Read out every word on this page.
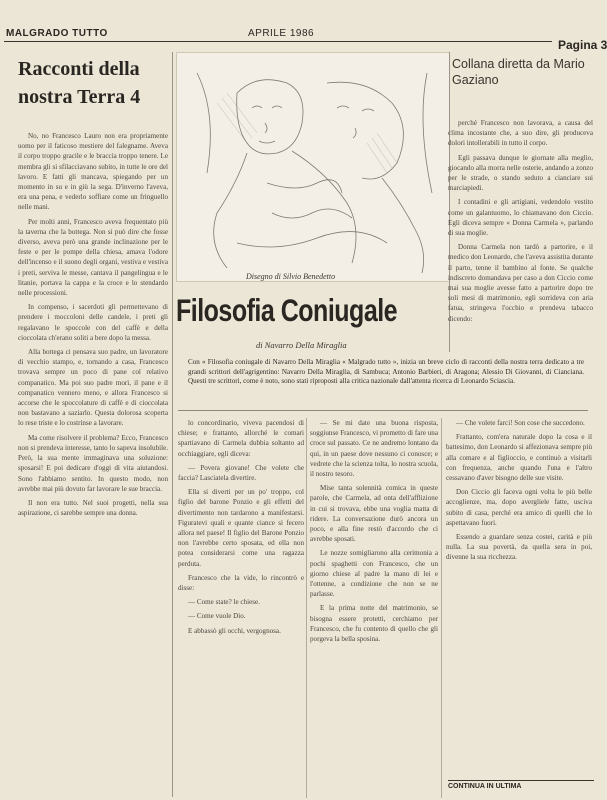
MALGRADO TUTTO	APRILE 1986
Pagina 3
Racconti della nostra Terra 4

No, no Francesco Lauro non era propriamente uomo per il faticoso mestiere del falegname. Aveva il corpo troppo gracile e le braccia troppo tenere. Le membra gli si sfilacciavano subito, in tutte le ore del lavoro. E fatti gli mancava, spiegando per un momento in su e in giù la sega. D'inverno l'aveva, era una pena, e vederlo soffiare come un fringuello nelle mani.

Per molti anni, Francesco aveva frequentato più la taverna che la bottega. Non si può dire che fosse diverso, aveva però una grande inclinazione per le feste e per le pompe della chiesa, amava l'odore dell'incenso e il suono degli organi, vestiva e vestiva i preti, serviva le messe, cantava il pangelingua e le litanie, portava la cappa e la croce e lo stendardo nelle processioni.

In compenso, i sacerdoti gli permettevano di prendere i moccoloni delle candele, i preti gli regalavano le spoccole con del caffè e della cioccolata ch'erano soliti a bere dopo la messa.

Alla bottega ci pensava suo padre, un lavoratore di vecchio stampo, e, tornando a casa, Francesco trovava sempre un poco di pane col relativo companatico. Ma poi suo padre morì, il pane e il companatico vennero meno, e allora Francesco si accorse che le spoccolature di caffè e di cioccolata non bastavano a saziarlo. Questa dolorosa scoperta lo rese triste e lo costrinse a lavorare.

Ma come risolvere il problema? Ecco, Francesco non si prendeva interesse, tanto lo sapeva insolubile. Però, la sua mente immaginava una soluzione: sposarsi! E poi dedicare d'oggi di vita aiutandosi. Sono l'abbiamo sentito. In questo modo, non avrebbe mai più dovuto far lavorare le sue braccia.

Il non era tutto. Nel suoi progetti, nella sua aspirazione, ci sarebbe sempre una donna.

Disegno di Silvio Benedetto
Filosofia Coniugale
di Navarro Della Miraglia
Con « Filosofia coniugale di Navarro Della Miraglia « Malgrado tutto », inizia un breve ciclo di racconti della nostra terra dedicato a tre grandi scrittori dell'agrigentino: Navarro Della Miraglia, di Sambuca; Antonio Barbieri, di Aragona; Alessio Di Giovanni, di Cianciana. Questi tre scrittori, come è noto, sono stati riproposti alla critica nazionale dall'attenta ricerca di Leonardo Sciascia.

lo concordinario, viveva pacendosi di chiese; e frattanto, allorché le comari spartiavano di Carmela dubbia soltanto ad occhiaggiare, egli diceva:

— Povera giovane! Che volete che faccia? Lasciatela divertire.

Ella si diverti per un po' troppo, col figlio del barone Ponzio e gli effetti del divertimento non tardarono a manifestarsi. Figuratevi quali e quante ciance si fecero allora nel paese! Il figlio del Barone Ponzio non l'avrebbe certo sposata, ed ella non potea considerarsi come una ragazza perduta.

Francesco che la vide, lo rincontrò e disse:

— Come state? le chiese.

— Come vuole Dio.

E abbassò gli occhi, vergognosa.

— Se mi date una buona risposta, soggiunse Francesco, vi prometto di fare una croce sul passato. Ce ne andremo lontano da qui, in un paese dove nessuno ci conosce; e vedrete che la scienza tolta, lo nostra scuola, il nostro tesoro.

Mise tanta solennità comica in queste parole, che Carmela, ad onta dell'afflizione in cui si trovava, ebbe una voglia matta di ridere. La conversazione durò ancora un poco, e alla fine restò d'accordo che ci avrebbe sposati.

Le nozze somigliarono alla cerimonia a pochi spaghetti con Francesco, che un giorno chiese al padre la mano di lei e l'ottenne, a condizione che non se ne parlasse.

E la prima notte del matrimonio, se bisogna essere protetti, cerchiamo per Francesco, che fu contento di quello che gli porgeva la bella sposina.

Collana diretta da Mario Gaziano

perché Francesco non lavorava, a causa del clima incostante che, a suo dire, gli produceva dolori intollerabili in tutto il corpo.

Egli passava dunque le giornate alla meglio, giocando alla morra nelle osterie, andando a zonzo per le strade, o stando seduto a cianciare sui marciapiedi.

I contadini e gli artigiani, vedendolo vestito come un galantuomo, lo chiamavano don Ciccio. Egli diceva sempre « Donna Carmela », parlando di sua moglie.

Donna Carmela non tardò a partorire, e il medico don Leonardo, che l'aveva assistita durante il parto, tenne il bambino al fonte. Se qualche indiscreto domandava per caso a don Ciccio come mai sua moglie avesse fatto a partorire dopo tre soli mesi di matrimonio, egli sorrideva con aria fatua, stringeva l'occhio e prendeva tabacco dicendo:

— Che volete farci! Son cose che succedono.

Frattanto, com'era naturale dopo la cosa e il battesimo, don Leonardo si affezionava sempre più alla comare e al figlioccio, e continuò a visitarli con frequenza, anche quando l'una e l'altro cessavano d'aver bisogno delle sue visite.

Don Ciccio gli faceva ogni volta le più belle accoglienze, ma, dopo avergliele fatte, usciva subito di casa, perché era amico di quelli che lo aspettavano fuori.

Essendo a guardare senza costei, carità e più nulla. La sua povertà, da quella sera in poi, divenne la sua ricchezza.

CONTINUA IN ULTIMA
